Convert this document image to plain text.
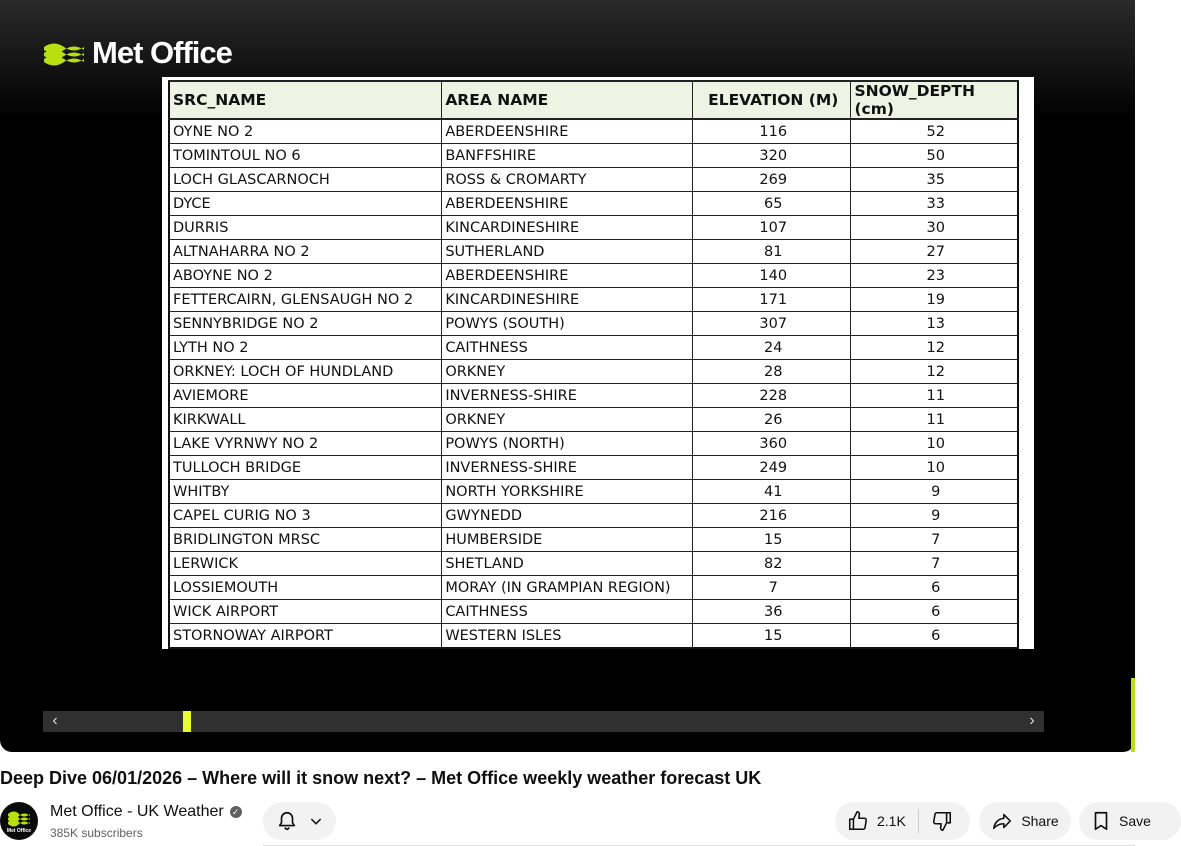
Met Office
SRC_NAME	AREA NAME	ELEVATION (M)	SNOW_DEPTH (cm)
OYNE NO 2	ABERDEENSHIRE	116	52
TOMINTOUL NO 6	BANFFSHIRE	320	50
LOCH GLASCARNOCH	ROSS & CROMARTY	269	35
DYCE	ABERDEENSHIRE	65	33
DURRIS	KINCARDINESHIRE	107	30
ALTNAHARRA NO 2	SUTHERLAND	81	27
ABOYNE NO 2	ABERDEENSHIRE	140	23
FETTERCAIRN, GLENSAUGH NO 2	KINCARDINESHIRE	171	19
SENNYBRIDGE NO 2	POWYS (SOUTH)	307	13
LYTH NO 2	CAITHNESS	24	12
ORKNEY: LOCH OF HUNDLAND	ORKNEY	28	12
AVIEMORE	INVERNESS-SHIRE	228	11
KIRKWALL	ORKNEY	26	11
LAKE VYRNWY NO 2	POWYS (NORTH)	360	10
TULLOCH BRIDGE	INVERNESS-SHIRE	249	10
WHITBY	NORTH YORKSHIRE	41	9
CAPEL CURIG NO 3	GWYNEDD	216	9
BRIDLINGTON MRSC	HUMBERSIDE	15	7
LERWICK	SHETLAND	82	7
LOSSIEMOUTH	MORAY (IN GRAMPIAN REGION)	7	6
WICK AIRPORT	CAITHNESS	36	6
STORNOWAY AIRPORT	WESTERN ISLES	15	6
‹	›
Deep Dive 06/01/2026 – Where will it snow next? – Met Office weekly weather forecast UK
Met Office
Met Office - UK Weather ✓
385K subscribers
2.1K	Share	Save
